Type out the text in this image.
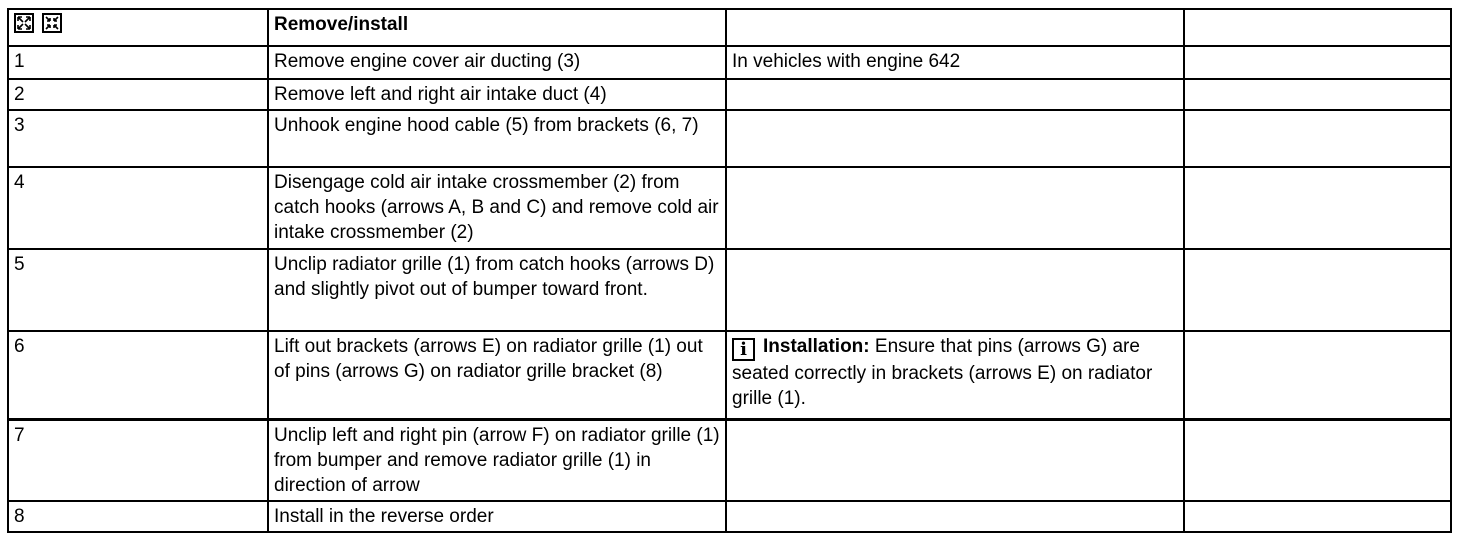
	Remove/install		
1	Remove engine cover air ducting (3)	In vehicles with engine 642	
2	Remove left and right air intake duct (4)		
3	Unhook engine hood cable (5) from brackets (6, 7)		
4	Disengage cold air intake crossmember (2) from catch hooks (arrows A, B and C) and remove cold air intake crossmember (2)		
5	Unclip radiator grille (1) from catch hooks (arrows D) and slightly pivot out of bumper toward front.		
6	Lift out brackets (arrows E) on radiator grille (1) out of pins (arrows G) on radiator grille bracket (8)	i Installation: Ensure that pins (arrows G) are seated correctly in brackets (arrows E) on radiator grille (1).	
7	Unclip left and right pin (arrow F) on radiator grille (1) from bumper and remove radiator grille (1) in direction of arrow		
8	Install in the reverse order		
